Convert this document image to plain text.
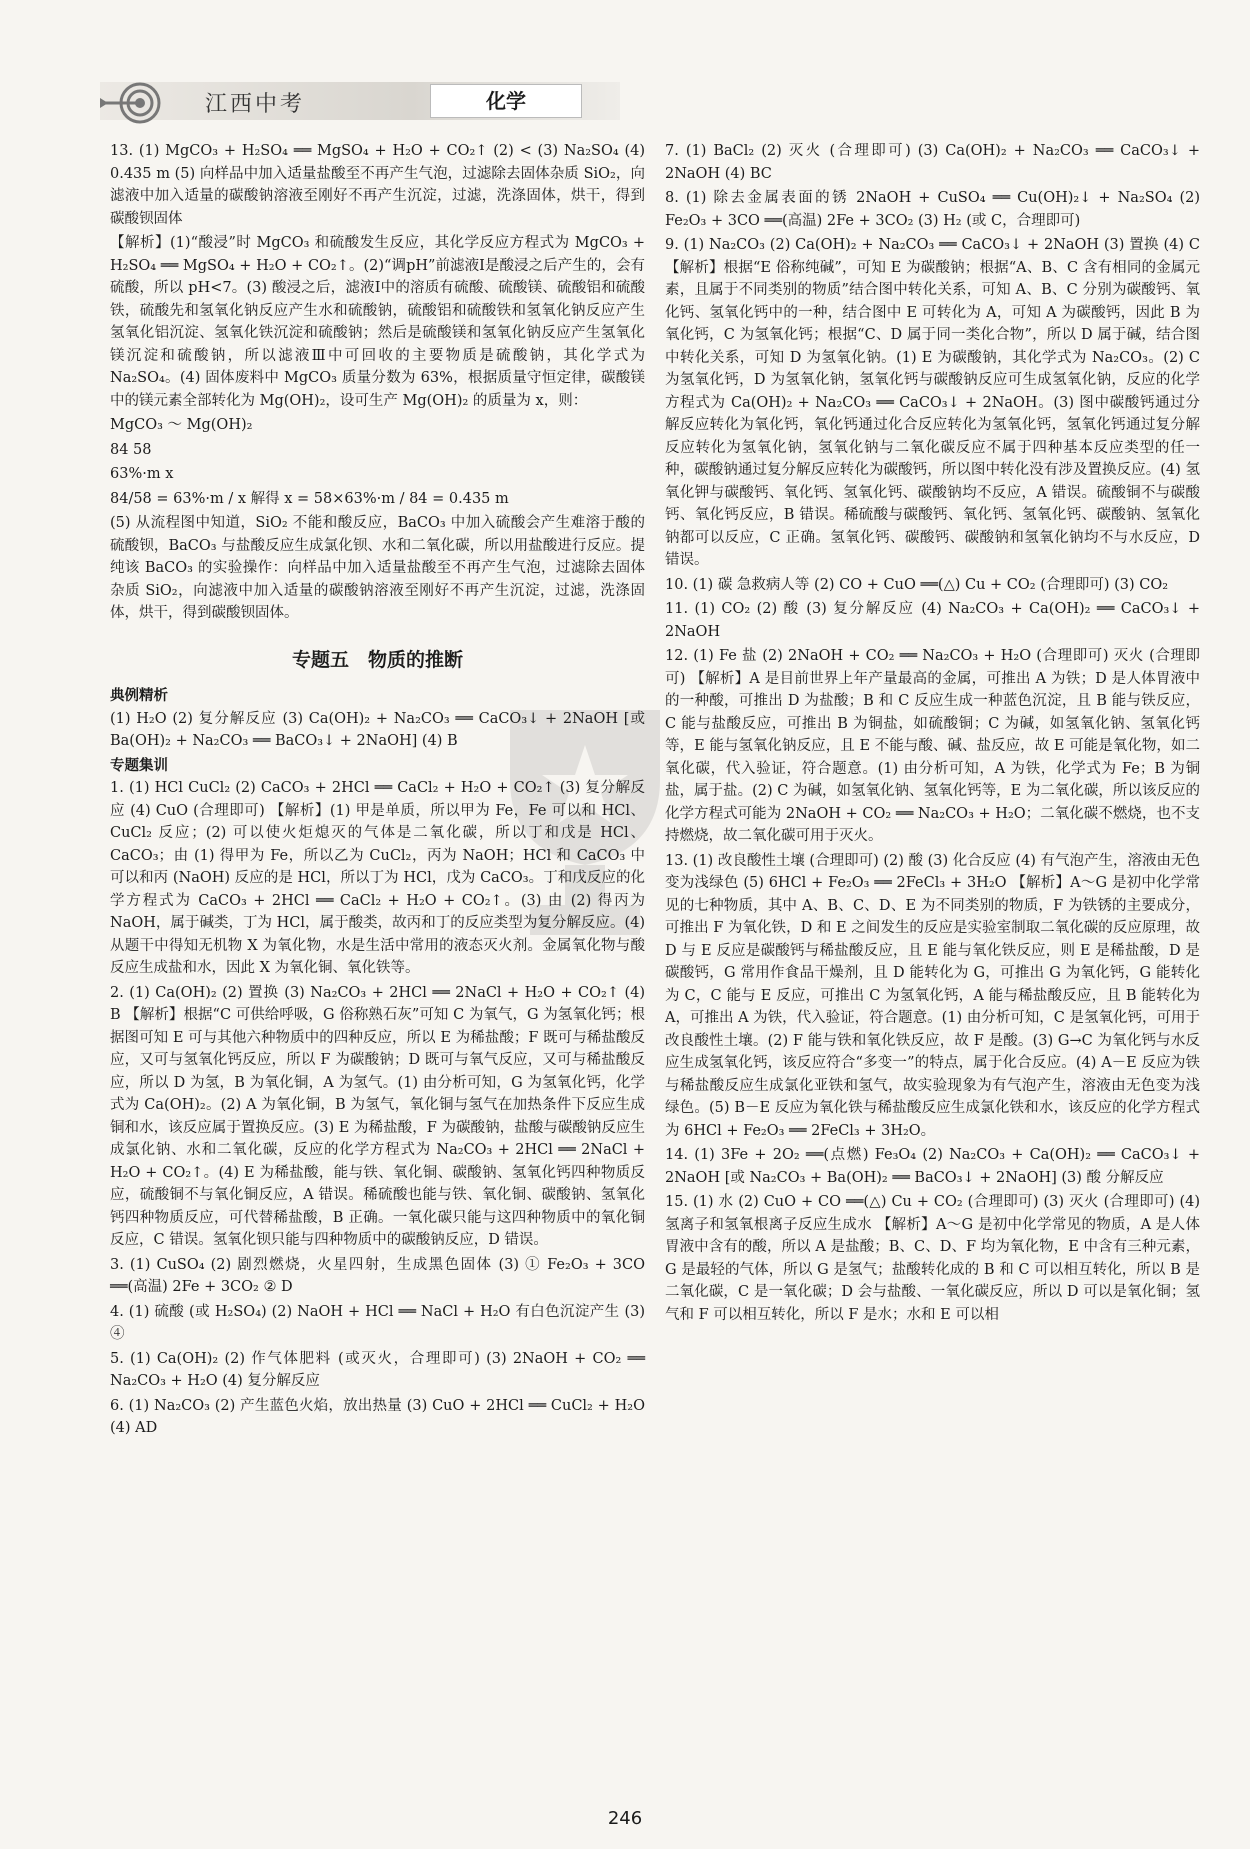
江西中考	化学

13. (1) MgCO₃ + H₂SO₄ ══ MgSO₄ + H₂O + CO₂↑ (2) < (3) Na₂SO₄ (4) 0.435 m (5) 向样品中加入适量盐酸至不再产生气泡，过滤除去固体杂质 SiO₂，向滤液中加入适量的碳酸钠溶液至刚好不再产生沉淀，过滤，洗涤固体，烘干，得到碳酸钡固体

【解析】(1)“酸浸”时 MgCO₃ 和硫酸发生反应，其化学反应方程式为 MgCO₃ + H₂SO₄ ══ MgSO₄ + H₂O + CO₂↑。(2)“调pH”前滤液Ⅰ是酸浸之后产生的，会有硫酸，所以 pH<7。(3) 酸浸之后，滤液Ⅰ中的溶质有硫酸、硫酸镁、硫酸铝和硫酸铁，硫酸先和氢氧化钠反应产生水和硫酸钠，硫酸铝和硫酸铁和氢氧化钠反应产生氢氧化铝沉淀、氢氧化铁沉淀和硫酸钠；然后是硫酸镁和氢氧化钠反应产生氢氧化镁沉淀和硫酸钠，所以滤液Ⅲ中可回收的主要物质是硫酸钠，其化学式为 Na₂SO₄。(4) 固体废料中 MgCO₃ 质量分数为 63%，根据质量守恒定律，碳酸镁中的镁元素全部转化为 Mg(OH)₂，设可生产 Mg(OH)₂ 的质量为 x，则：

MgCO₃ ～ Mg(OH)₂

84 58

63%·m x

84/58 = 63%·m / x 解得 x = 58×63%·m / 84 = 0.435 m

(5) 从流程图中知道，SiO₂ 不能和酸反应，BaCO₃ 中加入硫酸会产生难溶于酸的硫酸钡，BaCO₃ 与盐酸反应生成氯化钡、水和二氧化碳，所以用盐酸进行反应。提纯该 BaCO₃ 的实验操作：向样品中加入适量盐酸至不再产生气泡，过滤除去固体杂质 SiO₂，向滤液中加入适量的碳酸钠溶液至刚好不再产生沉淀，过滤，洗涤固体，烘干，得到碳酸钡固体。

专题五　物质的推断
典例精析

(1) H₂O (2) 复分解反应 (3) Ca(OH)₂ + Na₂CO₃ ══ CaCO₃↓ + 2NaOH [或 Ba(OH)₂ + Na₂CO₃ ══ BaCO₃↓ + 2NaOH] (4) B

专题集训

1. (1) HCl CuCl₂ (2) CaCO₃ + 2HCl ══ CaCl₂ + H₂O + CO₂↑ (3) 复分解反应 (4) CuO (合理即可) 【解析】(1) 甲是单质，所以甲为 Fe，Fe 可以和 HCl、CuCl₂ 反应；(2) 可以使火炬熄灭的气体是二氧化碳，所以丁和戊是 HCl、CaCO₃；由 (1) 得甲为 Fe，所以乙为 CuCl₂，丙为 NaOH；HCl 和 CaCO₃ 中可以和丙 (NaOH) 反应的是 HCl，所以丁为 HCl，戊为 CaCO₃。丁和戊反应的化学方程式为 CaCO₃ + 2HCl ══ CaCl₂ + H₂O + CO₂↑。(3) 由 (2) 得丙为 NaOH，属于碱类，丁为 HCl，属于酸类，故丙和丁的反应类型为复分解反应。(4) 从题干中得知无机物 X 为氧化物，水是生活中常用的液态灭火剂。金属氧化物与酸反应生成盐和水，因此 X 为氧化铜、氧化铁等。

2. (1) Ca(OH)₂ (2) 置换 (3) Na₂CO₃ + 2HCl ══ 2NaCl + H₂O + CO₂↑ (4) B 【解析】根据“C 可供给呼吸，G 俗称熟石灰”可知 C 为氧气，G 为氢氧化钙；根据图可知 E 可与其他六种物质中的四种反应，所以 E 为稀盐酸；F 既可与稀盐酸反应，又可与氢氧化钙反应，所以 F 为碳酸钠；D 既可与氧气反应，又可与稀盐酸反应，所以 D 为氢，B 为氧化铜，A 为氢气。(1) 由分析可知，G 为氢氧化钙，化学式为 Ca(OH)₂。(2) A 为氧化铜，B 为氢气，氧化铜与氢气在加热条件下反应生成铜和水，该反应属于置换反应。(3) E 为稀盐酸，F 为碳酸钠，盐酸与碳酸钠反应生成氯化钠、水和二氧化碳，反应的化学方程式为 Na₂CO₃ + 2HCl ══ 2NaCl + H₂O + CO₂↑。(4) E 为稀盐酸，能与铁、氧化铜、碳酸钠、氢氧化钙四种物质反应，硫酸铜不与氧化铜反应，A 错误。稀硫酸也能与铁、氧化铜、碳酸钠、氢氧化钙四种物质反应，可代替稀盐酸，B 正确。一氧化碳只能与这四种物质中的氧化铜反应，C 错误。氢氧化钡只能与四种物质中的碳酸钠反应，D 错误。

3. (1) CuSO₄ (2) 剧烈燃烧，火星四射，生成黑色固体 (3) ① Fe₂O₃ + 3CO ══(高温) 2Fe + 3CO₂ ② D

4. (1) 硫酸 (或 H₂SO₄) (2) NaOH + HCl ══ NaCl + H₂O 有白色沉淀产生 (3) ④

5. (1) Ca(OH)₂ (2) 作气体肥料 (或灭火，合理即可) (3) 2NaOH + CO₂ ══ Na₂CO₃ + H₂O (4) 复分解反应

6. (1) Na₂CO₃ (2) 产生蓝色火焰，放出热量 (3) CuO + 2HCl ══ CuCl₂ + H₂O (4) AD

7. (1) BaCl₂ (2) 灭火 (合理即可) (3) Ca(OH)₂ + Na₂CO₃ ══ CaCO₃↓ + 2NaOH (4) BC

8. (1) 除去金属表面的锈 2NaOH + CuSO₄ ══ Cu(OH)₂↓ + Na₂SO₄ (2) Fe₂O₃ + 3CO ══(高温) 2Fe + 3CO₂ (3) H₂ (或 C，合理即可)

9. (1) Na₂CO₃ (2) Ca(OH)₂ + Na₂CO₃ ══ CaCO₃↓ + 2NaOH (3) 置换 (4) C 【解析】根据“E 俗称纯碱”，可知 E 为碳酸钠；根据“A、B、C 含有相同的金属元素，且属于不同类别的物质”结合图中转化关系，可知 A、B、C 分别为碳酸钙、氧化钙、氢氧化钙中的一种，结合图中 E 可转化为 A，可知 A 为碳酸钙，因此 B 为氧化钙，C 为氢氧化钙；根据“C、D 属于同一类化合物”，所以 D 属于碱，结合图中转化关系，可知 D 为氢氧化钠。(1) E 为碳酸钠，其化学式为 Na₂CO₃。(2) C 为氢氧化钙，D 为氢氧化钠，氢氧化钙与碳酸钠反应可生成氢氧化钠，反应的化学方程式为 Ca(OH)₂ + Na₂CO₃ ══ CaCO₃↓ + 2NaOH。(3) 图中碳酸钙通过分解反应转化为氧化钙，氧化钙通过化合反应转化为氢氧化钙，氢氧化钙通过复分解反应转化为氢氧化钠，氢氧化钠与二氧化碳反应不属于四种基本反应类型的任一种，碳酸钠通过复分解反应转化为碳酸钙，所以图中转化没有涉及置换反应。(4) 氢氧化钾与碳酸钙、氧化钙、氢氧化钙、碳酸钠均不反应，A 错误。硫酸铜不与碳酸钙、氧化钙反应，B 错误。稀硫酸与碳酸钙、氧化钙、氢氧化钙、碳酸钠、氢氧化钠都可以反应，C 正确。氢氧化钙、碳酸钙、碳酸钠和氢氧化钠均不与水反应，D 错误。

10. (1) 碳 急救病人等 (2) CO + CuO ══(△) Cu + CO₂ (合理即可) (3) CO₂

11. (1) CO₂ (2) 酸 (3) 复分解反应 (4) Na₂CO₃ + Ca(OH)₂ ══ CaCO₃↓ + 2NaOH

12. (1) Fe 盐 (2) 2NaOH + CO₂ ══ Na₂CO₃ + H₂O (合理即可) 灭火 (合理即可) 【解析】A 是目前世界上年产量最高的金属，可推出 A 为铁；D 是人体胃液中的一种酸，可推出 D 为盐酸；B 和 C 反应生成一种蓝色沉淀，且 B 能与铁反应，C 能与盐酸反应，可推出 B 为铜盐，如硫酸铜；C 为碱，如氢氧化钠、氢氧化钙等，E 能与氢氧化钠反应，且 E 不能与酸、碱、盐反应，故 E 可能是氧化物，如二氧化碳，代入验证，符合题意。(1) 由分析可知，A 为铁，化学式为 Fe；B 为铜盐，属于盐。(2) C 为碱，如氢氧化钠、氢氧化钙等，E 为二氧化碳，所以该反应的化学方程式可能为 2NaOH + CO₂ ══ Na₂CO₃ + H₂O；二氧化碳不燃烧，也不支持燃烧，故二氧化碳可用于灭火。

13. (1) 改良酸性土壤 (合理即可) (2) 酸 (3) 化合反应 (4) 有气泡产生，溶液由无色变为浅绿色 (5) 6HCl + Fe₂O₃ ══ 2FeCl₃ + 3H₂O 【解析】A～G 是初中化学常见的七种物质，其中 A、B、C、D、E 为不同类别的物质，F 为铁锈的主要成分，可推出 F 为氧化铁，D 和 E 之间发生的反应是实验室制取二氧化碳的反应原理，故 D 与 E 反应是碳酸钙与稀盐酸反应，且 E 能与氧化铁反应，则 E 是稀盐酸，D 是碳酸钙，G 常用作食品干燥剂，且 D 能转化为 G，可推出 G 为氧化钙，G 能转化为 C，C 能与 E 反应，可推出 C 为氢氧化钙，A 能与稀盐酸反应，且 B 能转化为 A，可推出 A 为铁，代入验证，符合题意。(1) 由分析可知，C 是氢氧化钙，可用于改良酸性土壤。(2) F 能与铁和氧化铁反应，故 F 是酸。(3) G→C 为氧化钙与水反应生成氢氧化钙，该反应符合“多变一”的特点，属于化合反应。(4) A－E 反应为铁与稀盐酸反应生成氯化亚铁和氢气，故实验现象为有气泡产生，溶液由无色变为浅绿色。(5) B－E 反应为氧化铁与稀盐酸反应生成氯化铁和水，该反应的化学方程式为 6HCl + Fe₂O₃ ══ 2FeCl₃ + 3H₂O。

14. (1) 3Fe + 2O₂ ══(点燃) Fe₃O₄ (2) Na₂CO₃ + Ca(OH)₂ ══ CaCO₃↓ + 2NaOH [或 Na₂CO₃ + Ba(OH)₂ ══ BaCO₃↓ + 2NaOH] (3) 酸 分解反应

15. (1) 水 (2) CuO + CO ══(△) Cu + CO₂ (合理即可) (3) 灭火 (合理即可) (4) 氢离子和氢氧根离子反应生成水 【解析】A～G 是初中化学常见的物质，A 是人体胃液中含有的酸，所以 A 是盐酸；B、C、D、F 均为氧化物，E 中含有三种元素，G 是最轻的气体，所以 G 是氢气；盐酸转化成的 B 和 C 可以相互转化，所以 B 是二氧化碳，C 是一氧化碳；D 会与盐酸、一氧化碳反应，所以 D 可以是氧化铜；氢气和 F 可以相互转化，所以 F 是水；水和 E 可以相

246
